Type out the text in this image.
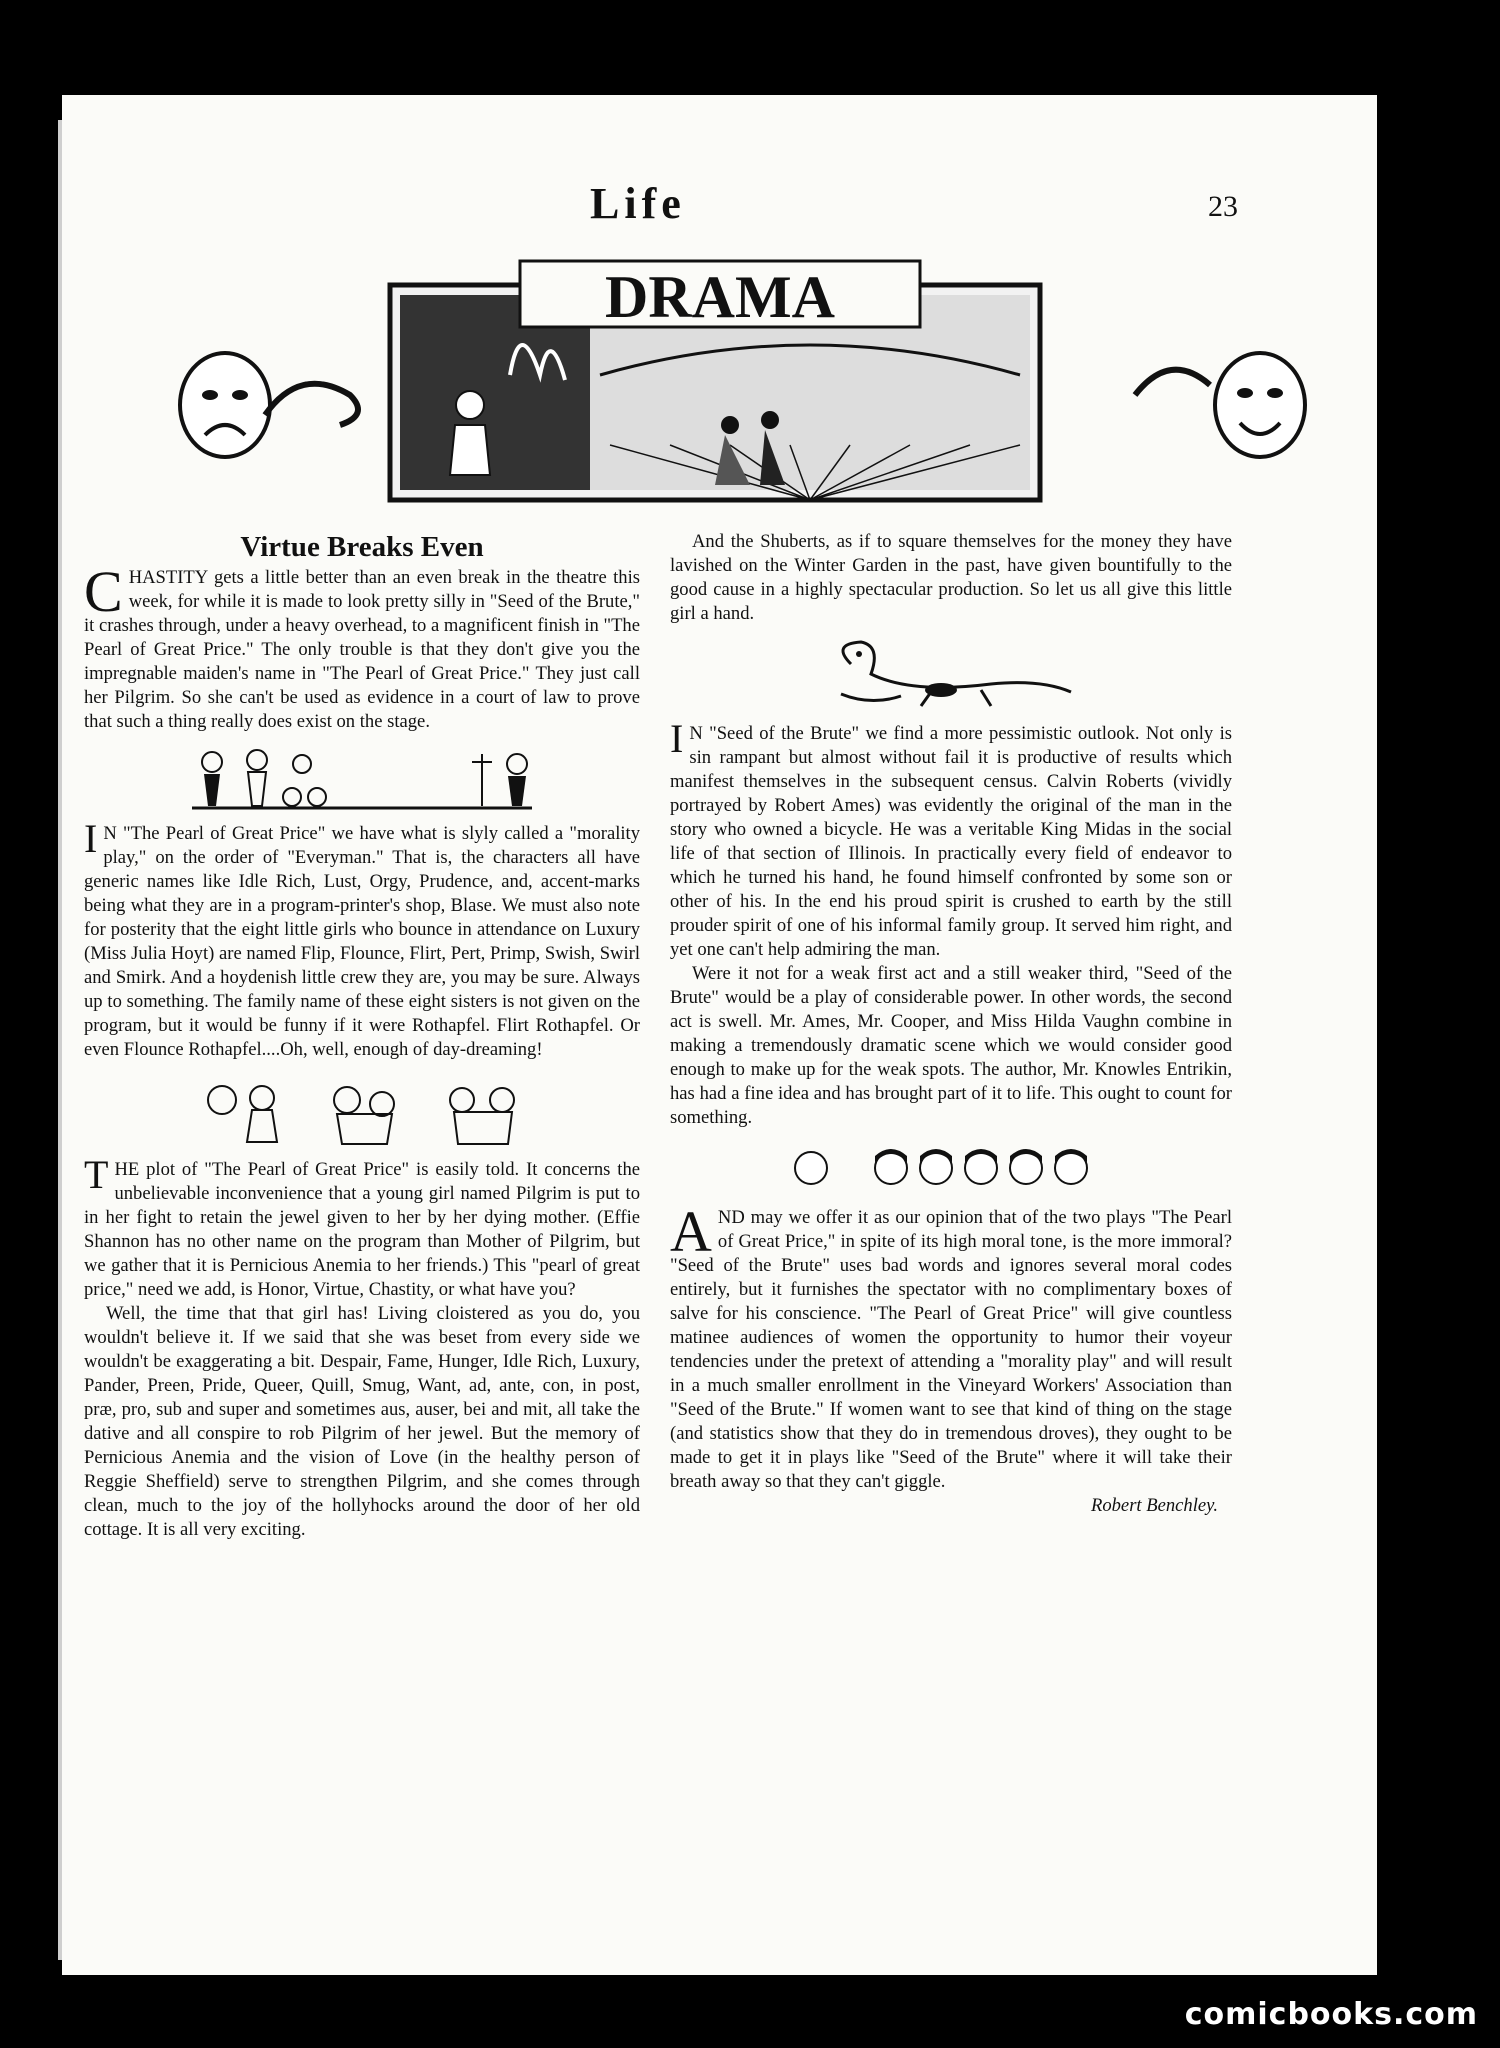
Life	23
DRAMA
Virtue Breaks Even

CHASTITY gets a little better than an even break in the theatre this week, for while it is made to look pretty silly in "Seed of the Brute," it crashes through, under a heavy overhead, to a magnificent finish in "The Pearl of Great Price." The only trouble is that they don't give you the impregnable maiden's name in "The Pearl of Great Price." They just call her Pilgrim. So she can't be used as evidence in a court of law to prove that such a thing really does exist on the stage.

I N "The Pearl of Great Price" we have what is slyly called a "morality play," on the order of "Everyman." That is, the characters all have generic names like Idle Rich, Lust, Orgy, Prudence, and, accent-marks being what they are in a program-printer's shop, Blase. We must also note for posterity that the eight little girls who bounce in attendance on Luxury (Miss Julia Hoyt) are named Flip, Flounce, Flirt, Pert, Primp, Swish, Swirl and Smirk. And a hoydenish little crew they are, you may be sure. Always up to something. The family name of these eight sisters is not given on the program, but it would be funny if it were Rothapfel. Flirt Rothapfel. Or even Flounce Rothapfel....Oh, well, enough of day-dreaming!

THE plot of "The Pearl of Great Price" is easily told. It concerns the unbelievable inconvenience that a young girl named Pilgrim is put to in her fight to retain the jewel given to her by her dying mother. (Effie Shannon has no other name on the program than Mother of Pilgrim, but we gather that it is Pernicious Anemia to her friends.) This "pearl of great price," need we add, is Honor, Virtue, Chastity, or what have you?

Well, the time that that girl has! Living cloistered as you do, you wouldn't believe it. If we said that she was beset from every side we wouldn't be exaggerating a bit. Despair, Fame, Hunger, Idle Rich, Luxury, Pander, Preen, Pride, Queer, Quill, Smug, Want, ad, ante, con, in post, præ, pro, sub and super and sometimes aus, auser, bei and mit, all take the dative and all conspire to rob Pilgrim of her jewel. But the memory of Pernicious Anemia and the vision of Love (in the healthy person of Reggie Sheffield) serve to strengthen Pilgrim, and she comes through clean, much to the joy of the hollyhocks around the door of her old cottage. It is all very exciting.

And the Shuberts, as if to square themselves for the money they have lavished on the Winter Garden in the past, have given bountifully to the good cause in a highly spectacular production. So let us all give this little girl a hand.

I N "Seed of the Brute" we find a more pessimistic outlook. Not only is sin rampant but almost without fail it is productive of results which manifest themselves in the subsequent census. Calvin Roberts (vividly portrayed by Robert Ames) was evidently the original of the man in the story who owned a bicycle. He was a veritable King Midas in the social life of that section of Illinois. In practically every field of endeavor to which he turned his hand, he found himself confronted by some son or other of his. In the end his proud spirit is crushed to earth by the still prouder spirit of one of his informal family group. It served him right, and yet one can't help admiring the man.

Were it not for a weak first act and a still weaker third, "Seed of the Brute" would be a play of considerable power. In other words, the second act is swell. Mr. Ames, Mr. Cooper, and Miss Hilda Vaughn combine in making a tremendously dramatic scene which we would consider good enough to make up for the weak spots. The author, Mr. Knowles Entrikin, has had a fine idea and has brought part of it to life. This ought to count for something.

AND may we offer it as our opinion that of the two plays "The Pearl of Great Price," in spite of its high moral tone, is the more immoral? "Seed of the Brute" uses bad words and ignores several moral codes entirely, but it furnishes the spectator with no complimentary boxes of salve for his conscience. "The Pearl of Great Price" will give countless matinee audiences of women the opportunity to humor their voyeur tendencies under the pretext of attending a "morality play" and will result in a much smaller enrollment in the Vineyard Workers' Association than "Seed of the Brute." If women want to see that kind of thing on the stage (and statistics show that they do in tremendous droves), they ought to be made to get it in plays like "Seed of the Brute" where it will take their breath away so that they can't giggle.

Robert Benchley.

comicbooks.com
